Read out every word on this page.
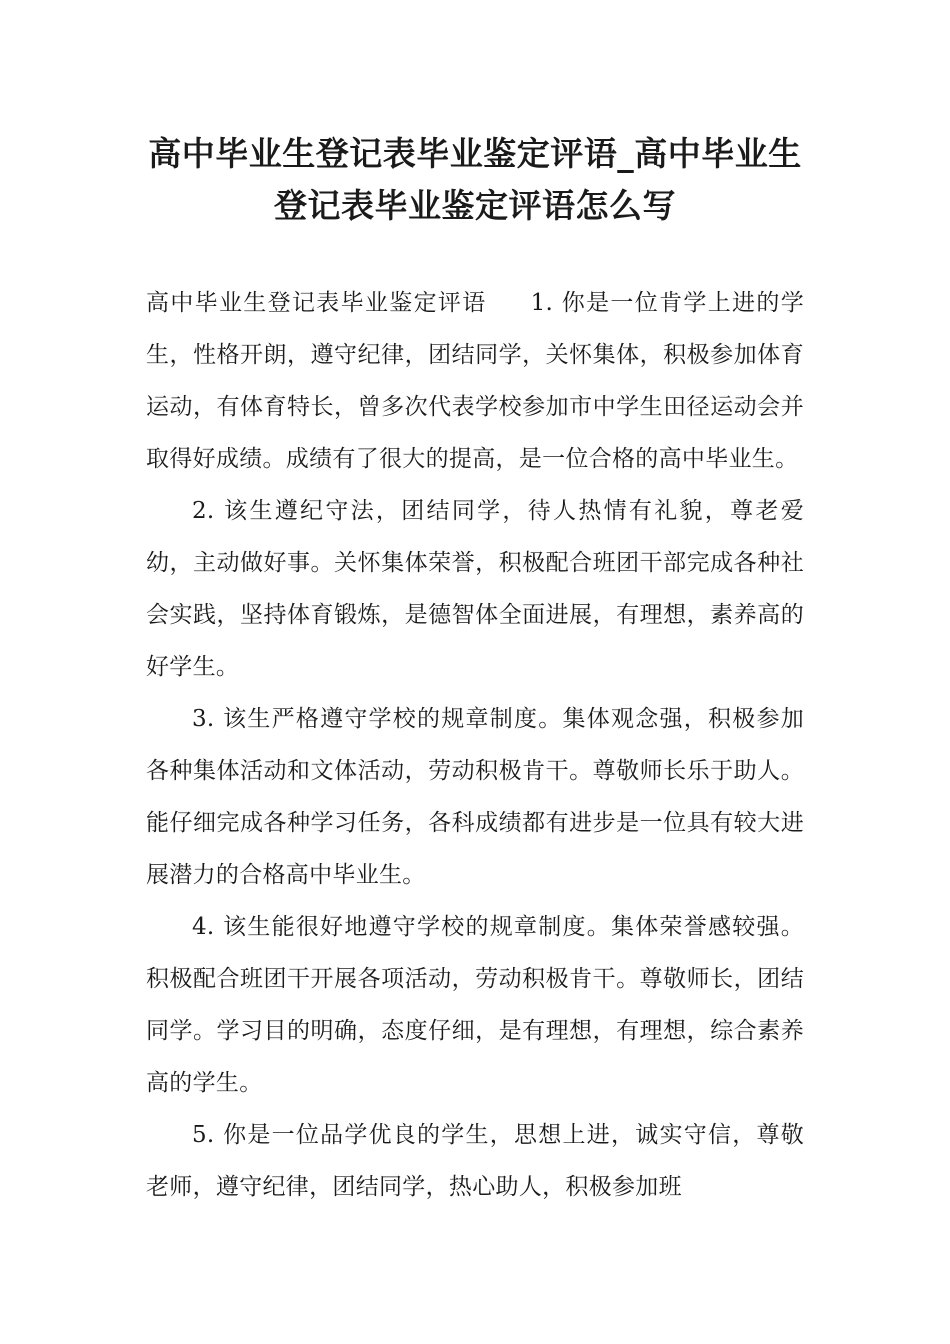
高中毕业生登记表毕业鉴定评语_高中毕业生登记表毕业鉴定评语怎么写

高中毕业生登记表毕业鉴定评语 1. 你是一位肯学上进的学生，性格开朗，遵守纪律，团结同学，关怀集体，积极参加体育运动，有体育特长，曾多次代表学校参加市中学生田径运动会并取得好成绩。成绩有了很大的提高，是一位合格的高中毕业生。

2. 该生遵纪守法，团结同学，待人热情有礼貌，尊老爱幼，主动做好事。关怀集体荣誉，积极配合班团干部完成各种社会实践，坚持体育锻炼，是德智体全面进展，有理想，素养高的好学生。

3. 该生严格遵守学校的规章制度。集体观念强，积极参加各种集体活动和文体活动，劳动积极肯干。尊敬师长乐于助人。能仔细完成各种学习任务，各科成绩都有进步是一位具有较大进展潜力的合格高中毕业生。

4. 该生能很好地遵守学校的规章制度。集体荣誉感较强。积极配合班团干开展各项活动，劳动积极肯干。尊敬师长，团结同学。学习目的明确，态度仔细，是有理想，有理想，综合素养高的学生。

5. 你是一位品学优良的学生，思想上进，诚实守信，尊敬老师，遵守纪律，团结同学，热心助人，积极参加班
